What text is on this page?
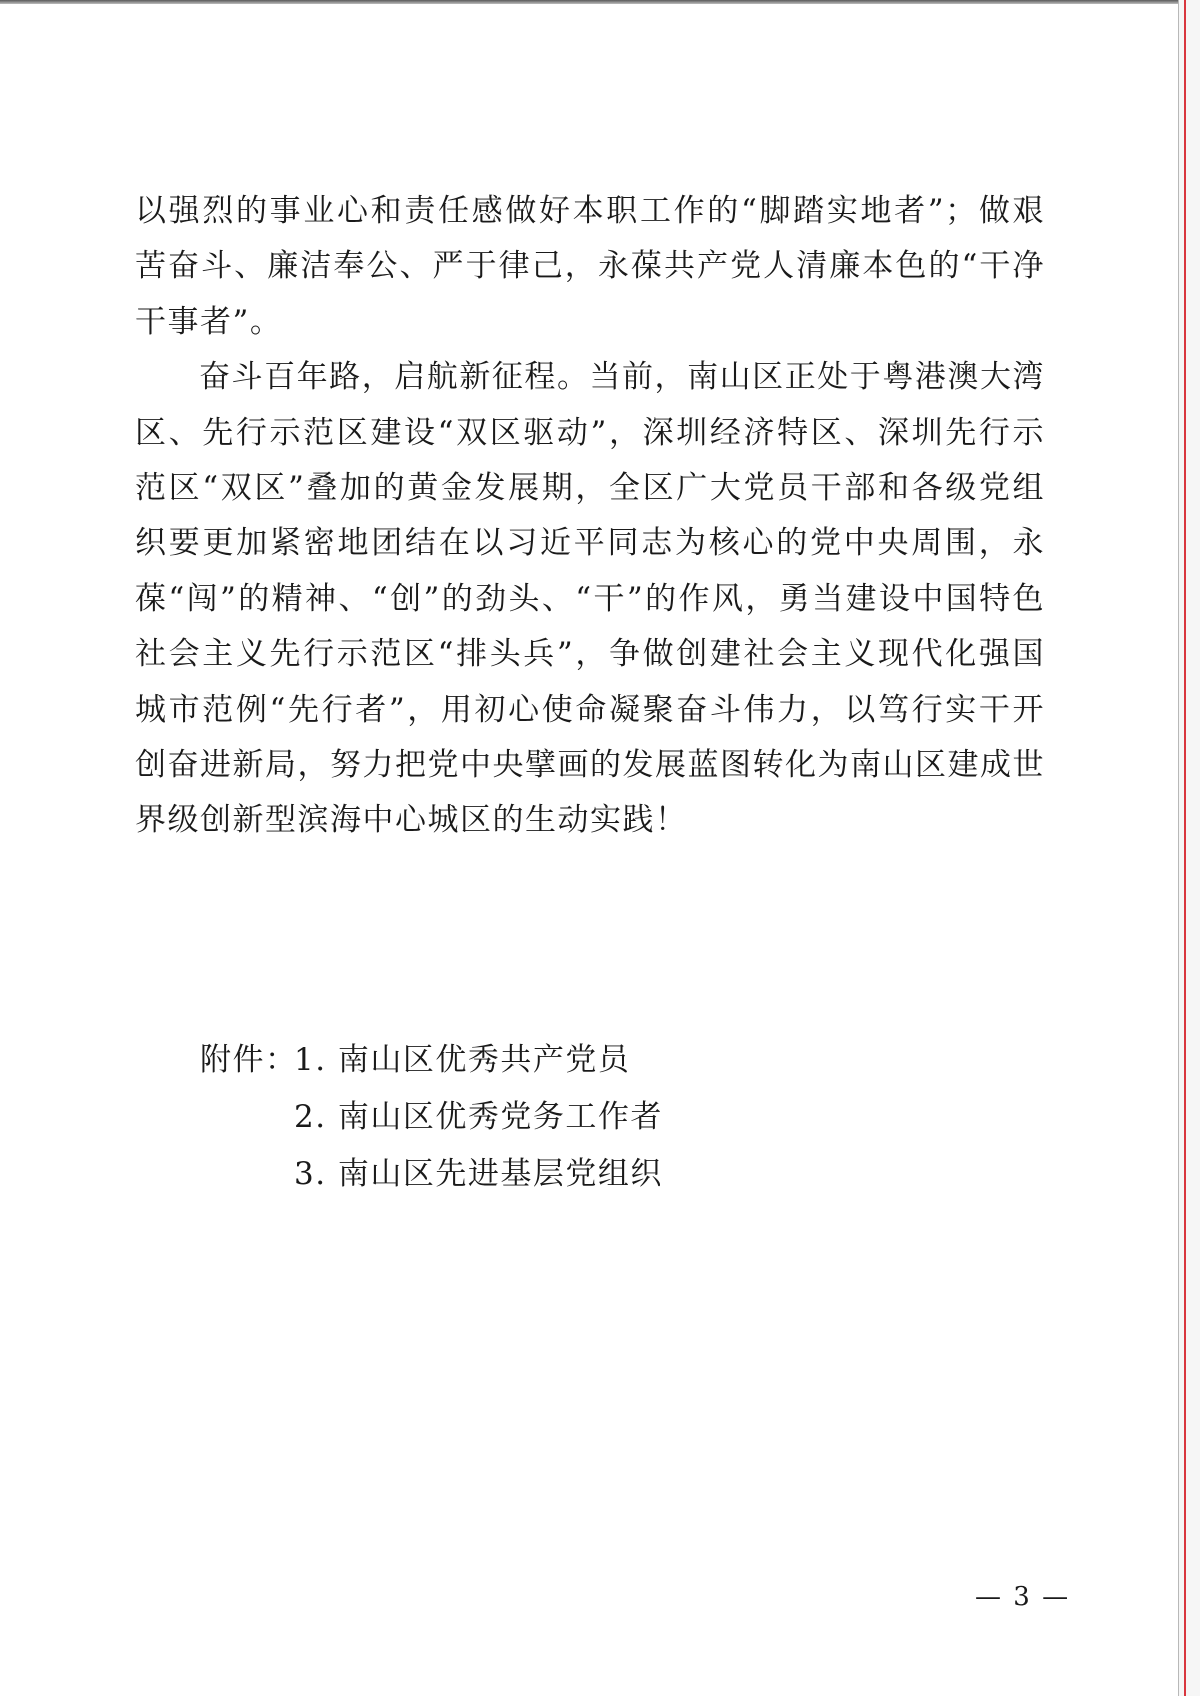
以强烈的事业心和责任感做好本职工作的“脚踏实地者”；做艰苦奋斗、廉洁奉公、严于律己，永葆共产党人清廉本色的“干净干事者”。

奋斗百年路，启航新征程。当前，南山区正处于粤港澳大湾区、先行示范区建设“双区驱动”，深圳经济特区、深圳先行示范区“双区”叠加的黄金发展期，全区广大党员干部和各级党组织要更加紧密地团结在以习近平同志为核心的党中央周围，永葆“闯”的精神、“创”的劲头、“干”的作风，勇当建设中国特色社会主义先行示范区“排头兵”，争做创建社会主义现代化强国城市范例“先行者”，用初心使命凝聚奋斗伟力，以笃行实干开创奋进新局，努力把党中央擘画的发展蓝图转化为南山区建成世界级创新型滨海中心城区的生动实践！

附件：
1. 南山区优秀共产党员
2. 南山区优秀党务工作者
3. 南山区先进基层党组织
— 3 —
